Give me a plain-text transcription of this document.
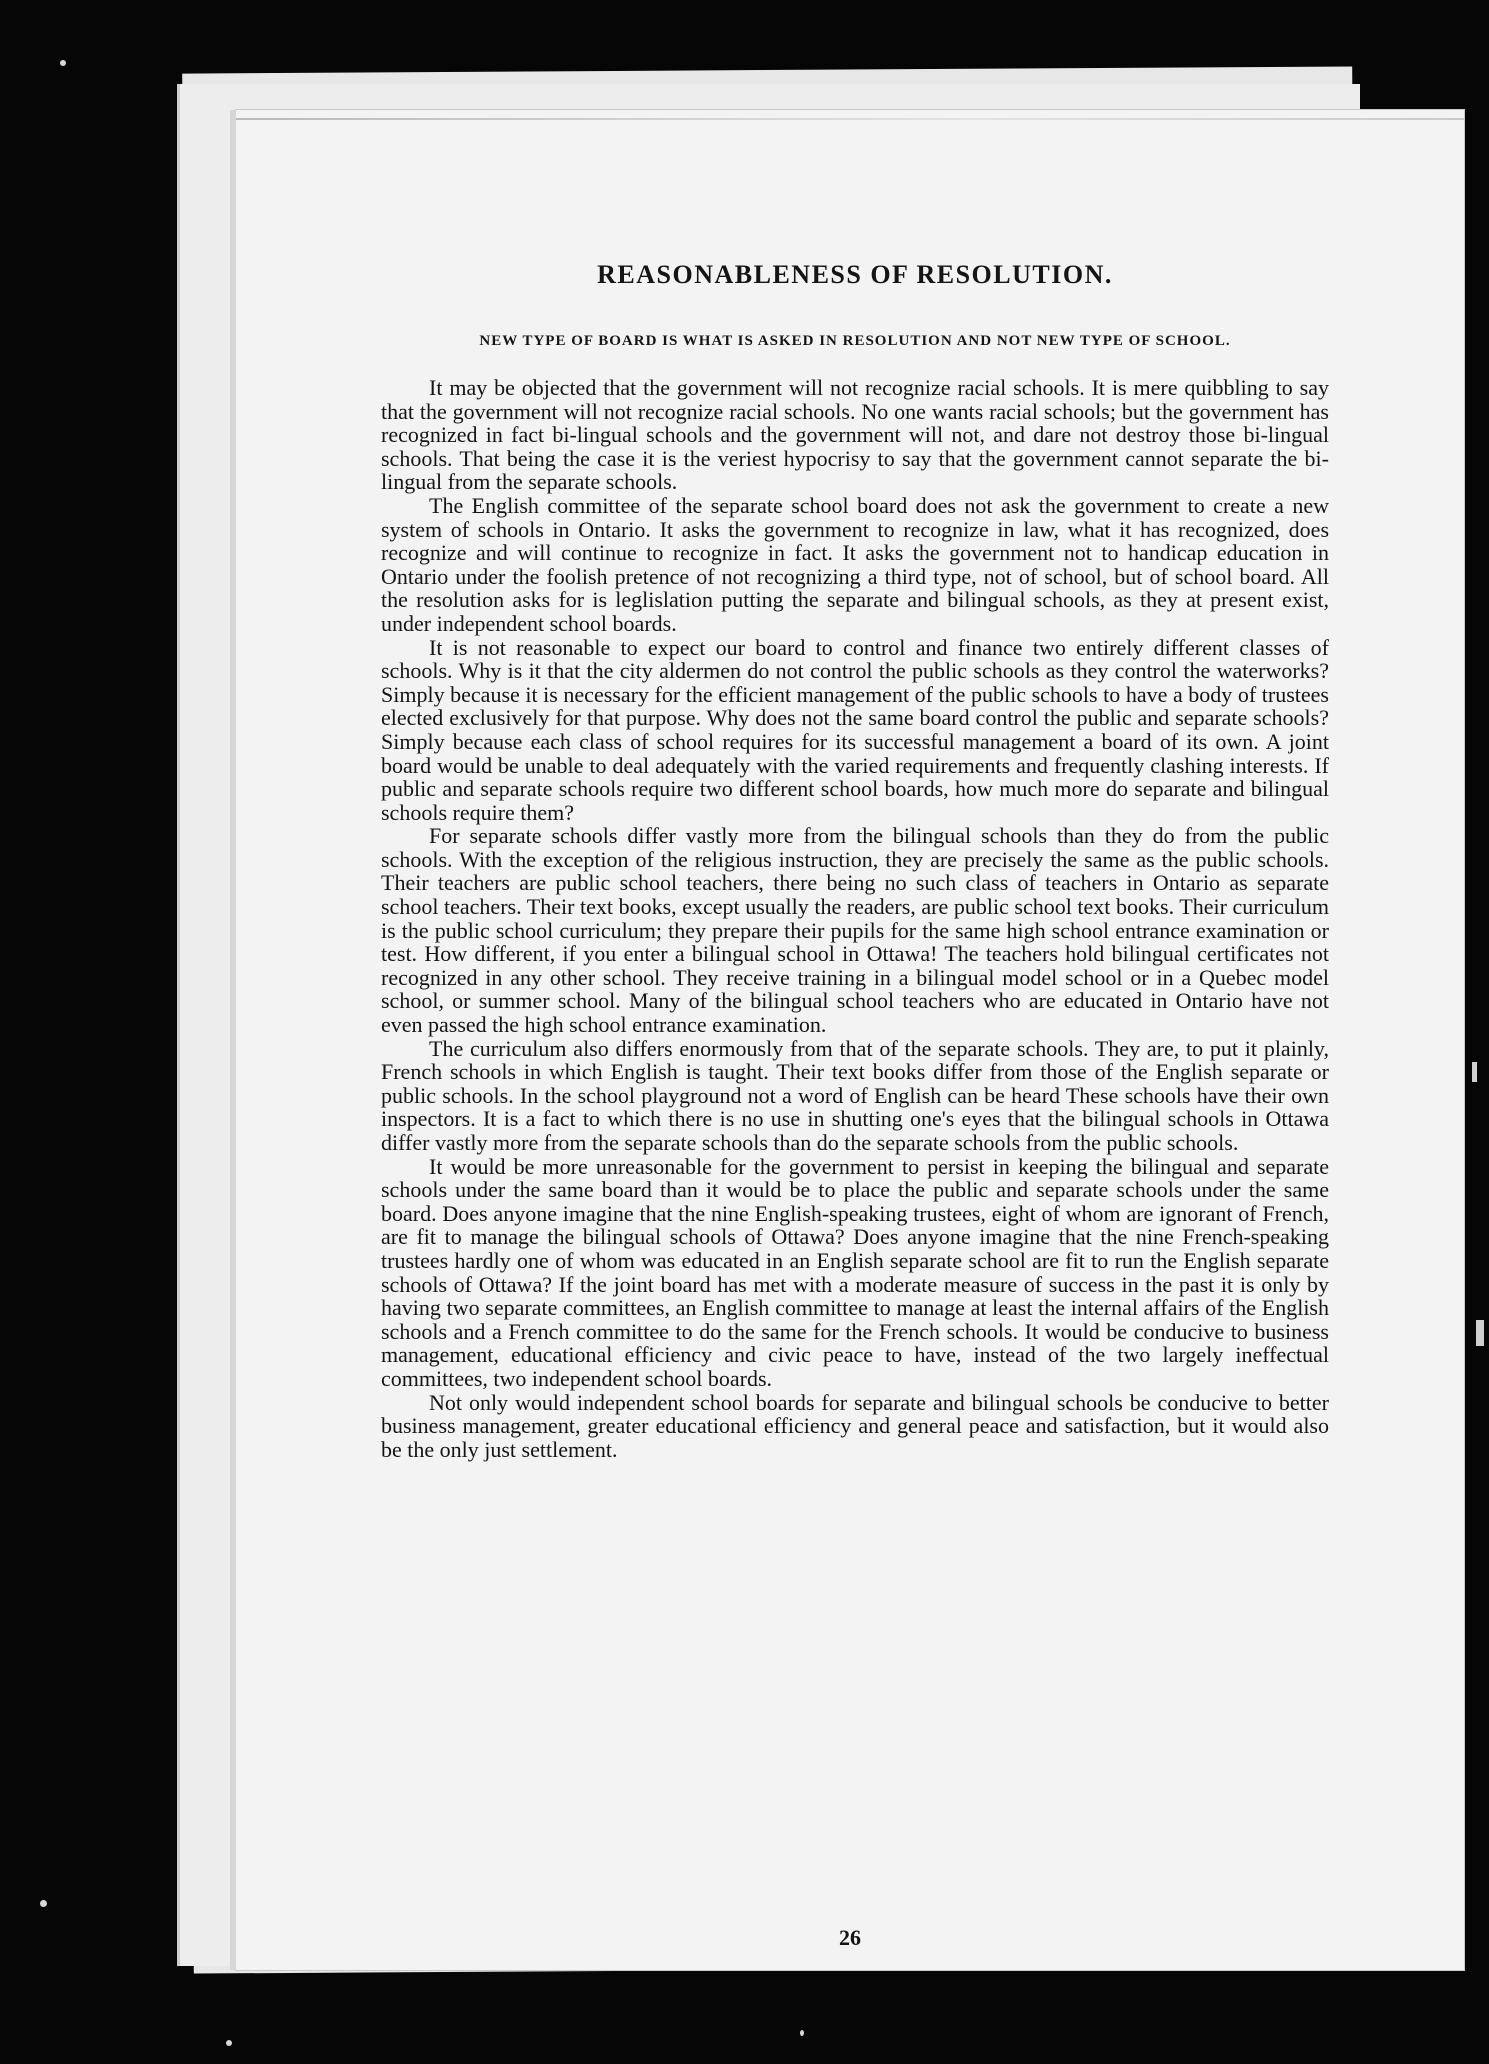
REASONABLENESS OF RESOLUTION.
NEW TYPE OF BOARD IS WHAT IS ASKED IN RESOLUTION AND NOT NEW TYPE OF SCHOOL.

It may be objected that the government will not recognize racial schools. It is mere quibbling to say that the government will not recognize racial schools. No one wants racial schools; but the government has recognized in fact bi-lingual schools and the government will not, and dare not destroy those bi-lingual schools. That being the case it is the veriest hypocrisy to say that the government cannot separate the bi-lingual from the separate schools.

The English committee of the separate school board does not ask the government to create a new system of schools in Ontario. It asks the government to recognize in law, what it has recognized, does recognize and will continue to recognize in fact. It asks the government not to handicap education in Ontario under the foolish pretence of not recognizing a third type, not of school, but of school board. All the resolution asks for is leglislation putting the separate and bilingual schools, as they at present exist, under independent school boards.

It is not reasonable to expect our board to control and finance two entirely different classes of schools. Why is it that the city aldermen do not control the public schools as they control the waterworks? Simply because it is necessary for the efficient management of the public schools to have a body of trustees elected exclusively for that purpose. Why does not the same board control the public and separate schools? Simply because each class of school requires for its successful management a board of its own. A joint board would be unable to deal adequately with the varied requirements and frequently clashing interests. If public and separate schools require two different school boards, how much more do separate and bilingual schools require them?

For separate schools differ vastly more from the bilingual schools than they do from the public schools. With the exception of the religious instruction, they are precisely the same as the public schools. Their teachers are public school teachers, there being no such class of teachers in Ontario as separate school teachers. Their text books, except usually the readers, are public school text books. Their curriculum is the public school curriculum; they prepare their pupils for the same high school entrance examination or test. How different, if you enter a bilingual school in Ottawa! The teachers hold bilingual certificates not recognized in any other school. They receive training in a bilingual model school or in a Quebec model school, or summer school. Many of the bilingual school teachers who are educated in Ontario have not even passed the high school entrance examination.

The curriculum also differs enormously from that of the separate schools. They are, to put it plainly, French schools in which English is taught. Their text books differ from those of the English separate or public schools. In the school playground not a word of English can be heard These schools have their own inspectors. It is a fact to which there is no use in shutting one's eyes that the bilingual schools in Ottawa differ vastly more from the separate schools than do the separate schools from the public schools.

It would be more unreasonable for the government to persist in keeping the bilingual and separate schools under the same board than it would be to place the public and separate schools under the same board. Does anyone imagine that the nine English-speaking trustees, eight of whom are ignorant of French, are fit to manage the bilingual schools of Ottawa? Does anyone imagine that the nine French-speaking trustees hardly one of whom was educated in an English separate school are fit to run the English separate schools of Ottawa? If the joint board has met with a moderate measure of success in the past it is only by having two separate committees, an English committee to manage at least the internal affairs of the English schools and a French committee to do the same for the French schools. It would be conducive to business management, educational efficiency and civic peace to have, instead of the two largely ineffectual committees, two independent school boards.

Not only would independent school boards for separate and bilingual schools be conducive to better business management, greater educational efficiency and general peace and satisfaction, but it would also be the only just settlement.

26
